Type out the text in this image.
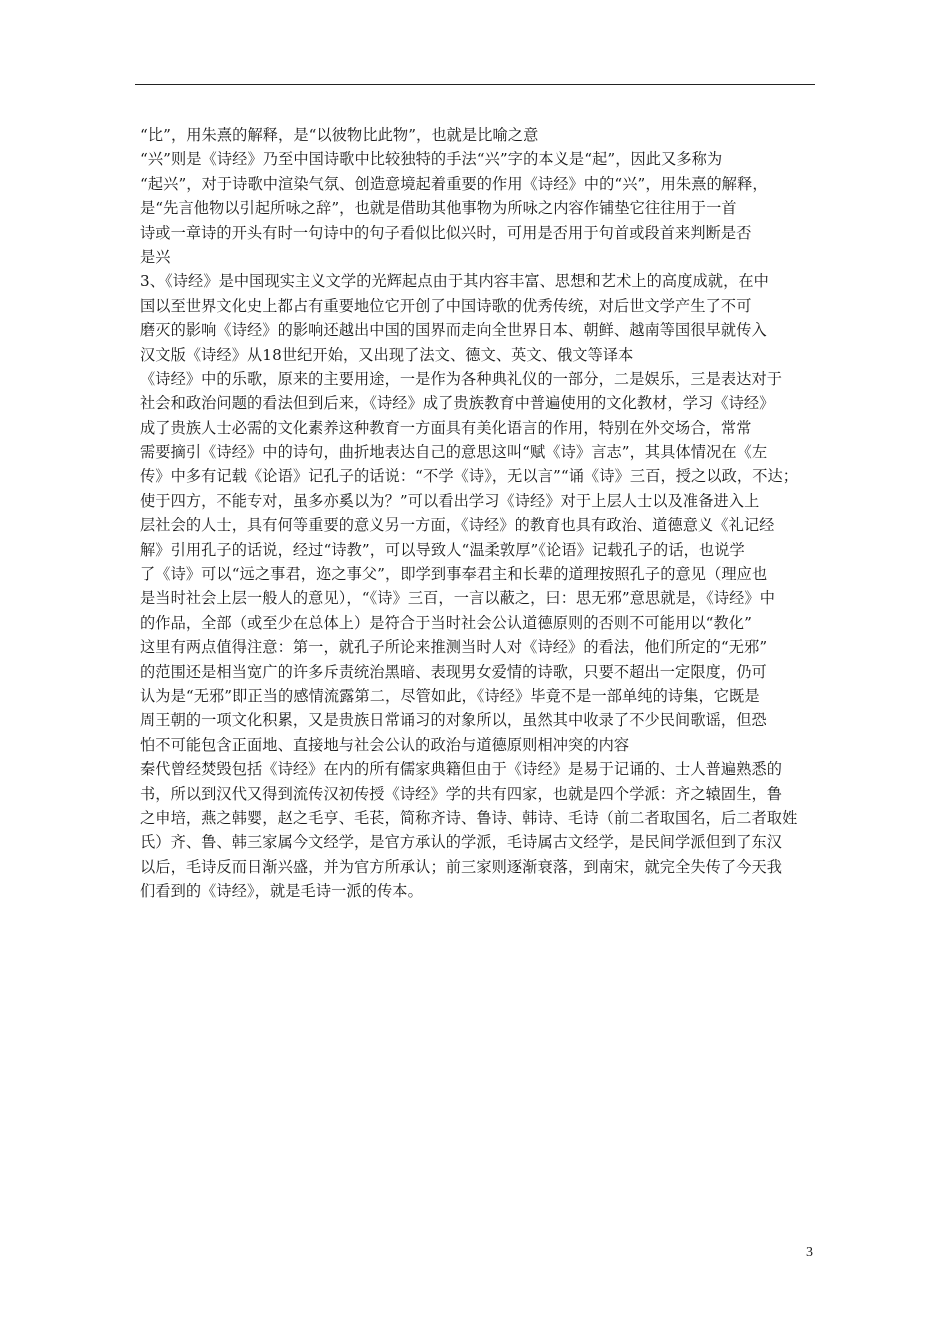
“比”，用朱熹的解释，是“以彼物比此物”，也就是比喻之意
“兴”则是《诗经》乃至中国诗歌中比较独特的手法“兴”字的本义是“起”，因此又多称为
“起兴”，对于诗歌中渲染气氛、创造意境起着重要的作用《诗经》中的“兴”，用朱熹的解释，
是“先言他物以引起所咏之辞”，也就是借助其他事物为所咏之内容作铺垫它往往用于一首
诗或一章诗的开头有时一句诗中的句子看似比似兴时，可用是否用于句首或段首来判断是否
是兴
3、《诗经》是中国现实主义文学的光辉起点由于其内容丰富、思想和艺术上的高度成就，在中
国以至世界文化史上都占有重要地位它开创了中国诗歌的优秀传统，对后世文学产生了不可
磨灭的影响《诗经》的影响还越出中国的国界而走向全世界日本、朝鲜、越南等国很早就传入
汉文版《诗经》从18世纪开始，又出现了法文、德文、英文、俄文等译本
《诗经》中的乐歌，原来的主要用途，一是作为各种典礼仪的一部分，二是娱乐，三是表达对于
社会和政治问题的看法但到后来，《诗经》成了贵族教育中普遍使用的文化教材，学习《诗经》
成了贵族人士必需的文化素养这种教育一方面具有美化语言的作用，特别在外交场合，常常
需要摘引《诗经》中的诗句，曲折地表达自己的意思这叫“赋《诗》言志”，其具体情况在《左
传》中多有记载《论语》记孔子的话说：“不学《诗》，无以言”“诵《诗》三百，授之以政，不达；
使于四方，不能专对，虽多亦奚以为？”可以看出学习《诗经》对于上层人士以及准备进入上
层社会的人士，具有何等重要的意义另一方面，《诗经》的教育也具有政治、道德意义《礼记经
解》引用孔子的话说，经过“诗教”，可以导致人“温柔敦厚”《论语》记载孔子的话，也说学
了《诗》可以“远之事君，迩之事父”，即学到事奉君主和长辈的道理按照孔子的意见（理应也
是当时社会上层一般人的意见），“《诗》三百，一言以蔽之，曰：思无邪”意思就是，《诗经》中
的作品，全部（或至少在总体上）是符合于当时社会公认道德原则的否则不可能用以“教化”
这里有两点值得注意：第一，就孔子所论来推测当时人对《诗经》的看法，他们所定的“无邪”
的范围还是相当宽广的许多斥责统治黑暗、表现男女爱情的诗歌，只要不超出一定限度，仍可
认为是“无邪”即正当的感情流露第二，尽管如此，《诗经》毕竟不是一部单纯的诗集，它既是
周王朝的一项文化积累，又是贵族日常诵习的对象所以，虽然其中收录了不少民间歌谣，但恐
怕不可能包含正面地、直接地与社会公认的政治与道德原则相冲突的内容
秦代曾经焚毁包括《诗经》在内的所有儒家典籍但由于《诗经》是易于记诵的、士人普遍熟悉的
书，所以到汉代又得到流传汉初传授《诗经》学的共有四家，也就是四个学派：齐之辕固生，鲁
之申培，燕之韩婴，赵之毛亨、毛苌，简称齐诗、鲁诗、韩诗、毛诗（前二者取国名，后二者取姓
氏）齐、鲁、韩三家属今文经学，是官方承认的学派，毛诗属古文经学，是民间学派但到了东汉
以后，毛诗反而日渐兴盛，并为官方所承认；前三家则逐渐衰落，到南宋，就完全失传了今天我
们看到的《诗经》，就是毛诗一派的传本。
3
